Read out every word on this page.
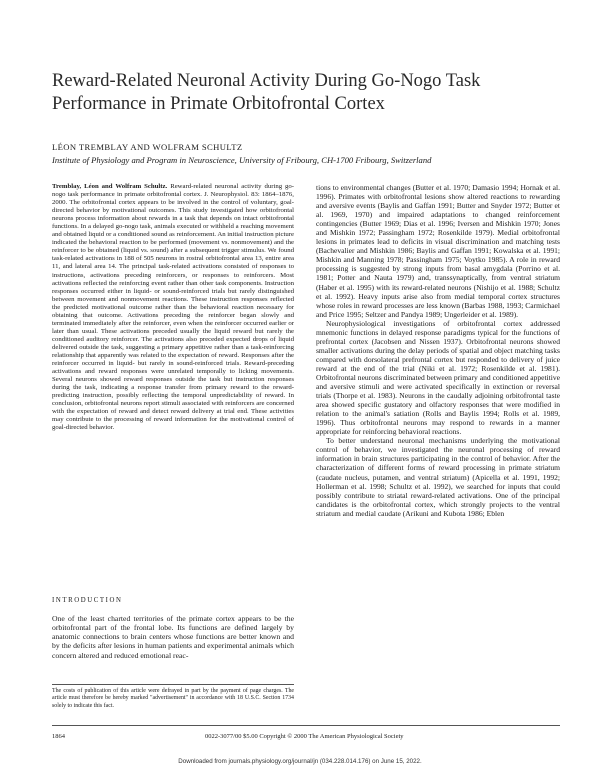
Reward-Related Neuronal Activity During Go-Nogo Task
Performance in Primate Orbitofrontal Cortex
LÉON TREMBLAY AND WOLFRAM SCHULTZ
Institute of Physiology and Program in Neuroscience, University of Fribourg, CH-1700 Fribourg, Switzerland

Tremblay, Léon and Wolfram Schultz. Reward-related neuronal activity during go-nogo task performance in primate orbitofrontal cortex. J. Neurophysiol. 83: 1864–1876, 2000. The orbitofrontal cortex appears to be involved in the control of voluntary, goal-directed behavior by motivational outcomes. This study investigated how orbitofrontal neurons process information about rewards in a task that depends on intact orbitofrontal functions. In a delayed go-nogo task, animals executed or withheld a reaching movement and obtained liquid or a conditioned sound as reinforcement. An initial instruction picture indicated the behavioral reaction to be performed (movement vs. nonmovement) and the reinforcer to be obtained (liquid vs. sound) after a subsequent trigger stimulus. We found task-related activations in 188 of 505 neurons in rostral orbitofrontal area 13, entire area 11, and lateral area 14. The principal task-related activations consisted of responses to instructions, activations preceding reinforcers, or responses to reinforcers. Most activations reflected the reinforcing event rather than other task components. Instruction responses occurred either in liquid- or sound-reinforced trials but rarely distinguished between movement and nonmovement reactions. These instruction responses reflected the predicted motivational outcome rather than the behavioral reaction necessary for obtaining that outcome. Activations preceding the reinforcer began slowly and terminated immediately after the reinforcer, even when the reinforcer occurred earlier or later than usual. These activations preceded usually the liquid reward but rarely the conditioned auditory reinforcer. The activations also preceded expected drops of liquid delivered outside the task, suggesting a primary appetitive rather than a task-reinforcing relationship that apparently was related to the expectation of reward. Responses after the reinforcer occurred in liquid- but rarely in sound-reinforced trials. Reward-preceding activations and reward responses were unrelated temporally to licking movements. Several neurons showed reward responses outside the task but instruction responses during the task, indicating a response transfer from primary reward to the reward-predicting instruction, possibly reflecting the temporal unpredictability of reward. In conclusion, orbitofrontal neurons report stimuli associated with reinforcers are concerned with the expectation of reward and detect reward delivery at trial end. These activities may contribute to the processing of reward information for the motivational control of goal-directed behavior.

INTRODUCTION

One of the least charted territories of the primate cortex appears to be the orbitofrontal part of the frontal lobe. Its functions are defined largely by anatomic connections to brain centers whose functions are better known and by the deficits after lesions in human patients and experimental animals which concern altered and reduced emotional reac-

tions to environmental changes (Butter et al. 1970; Damasio 1994; Hornak et al. 1996). Primates with orbitofrontal lesions show altered reactions to rewarding and aversive events (Baylis and Gaffan 1991; Butter and Snyder 1972; Butter et al. 1969, 1970) and impaired adaptations to changed reinforcement contingencies (Butter 1969; Dias et al. 1996; Iversen and Mishkin 1970; Jones and Mishkin 1972; Passingham 1972; Rosenkilde 1979). Medial orbitofrontal lesions in primates lead to deficits in visual discrimination and matching tests (Bachevalier and Mishkin 1986; Baylis and Gaffan 1991; Kowalska et al. 1991; Mishkin and Manning 1978; Passingham 1975; Voytko 1985). A role in reward processing is suggested by strong inputs from basal amygdala (Porrino et al. 1981; Potter and Nauta 1979) and, transsynaptically, from ventral striatum (Haber et al. 1995) with its reward-related neurons (Nishijo et al. 1988; Schultz et al. 1992). Heavy inputs arise also from medial temporal cortex structures whose roles in reward processes are less known (Barbas 1988, 1993; Carmichael and Price 1995; Seltzer and Pandya 1989; Ungerleider et al. 1989).

Neurophysiological investigations of orbitofrontal cortex addressed mnemonic functions in delayed response paradigms typical for the functions of prefrontal cortex (Jacobsen and Nissen 1937). Orbitofrontal neurons showed smaller activations during the delay periods of spatial and object matching tasks compared with dorsolateral prefrontal cortex but responded to delivery of juice reward at the end of the trial (Niki et al. 1972; Rosenkilde et al. 1981). Orbitofrontal neurons discriminated between primary and conditioned appetitive and aversive stimuli and were activated specifically in extinction or reversal trials (Thorpe et al. 1983). Neurons in the caudally adjoining orbitofrontal taste area showed specific gustatory and olfactory responses that were modified in relation to the animal's satiation (Rolls and Baylis 1994; Rolls et al. 1989, 1996). Thus orbitofrontal neurons may respond to rewards in a manner appropriate for reinforcing behavioral reactions.

To better understand neuronal mechanisms underlying the motivational control of behavior, we investigated the neuronal processing of reward information in brain structures participating in the control of behavior. After the characterization of different forms of reward processing in primate striatum (caudate nucleus, putamen, and ventral striatum) (Apicella et al. 1991, 1992; Hollerman et al. 1998; Schultz et al. 1992), we searched for inputs that could possibly contribute to striatal reward-related activations. One of the principal candidates is the orbitofrontal cortex, which strongly projects to the ventral striatum and medial caudate (Arikuni and Kubota 1986; Eblen

The costs of publication of this article were defrayed in part by the payment of page charges. The article must therefore be hereby marked "advertisement" in accordance with 18 U.S.C. Section 1734 solely to indicate this fact.

1864	0022-3077/00 $5.00 Copyright © 2000 The American Physiological Society
Downloaded from journals.physiology.org/journal/jn (034.228.014.176) on June 15, 2022.
